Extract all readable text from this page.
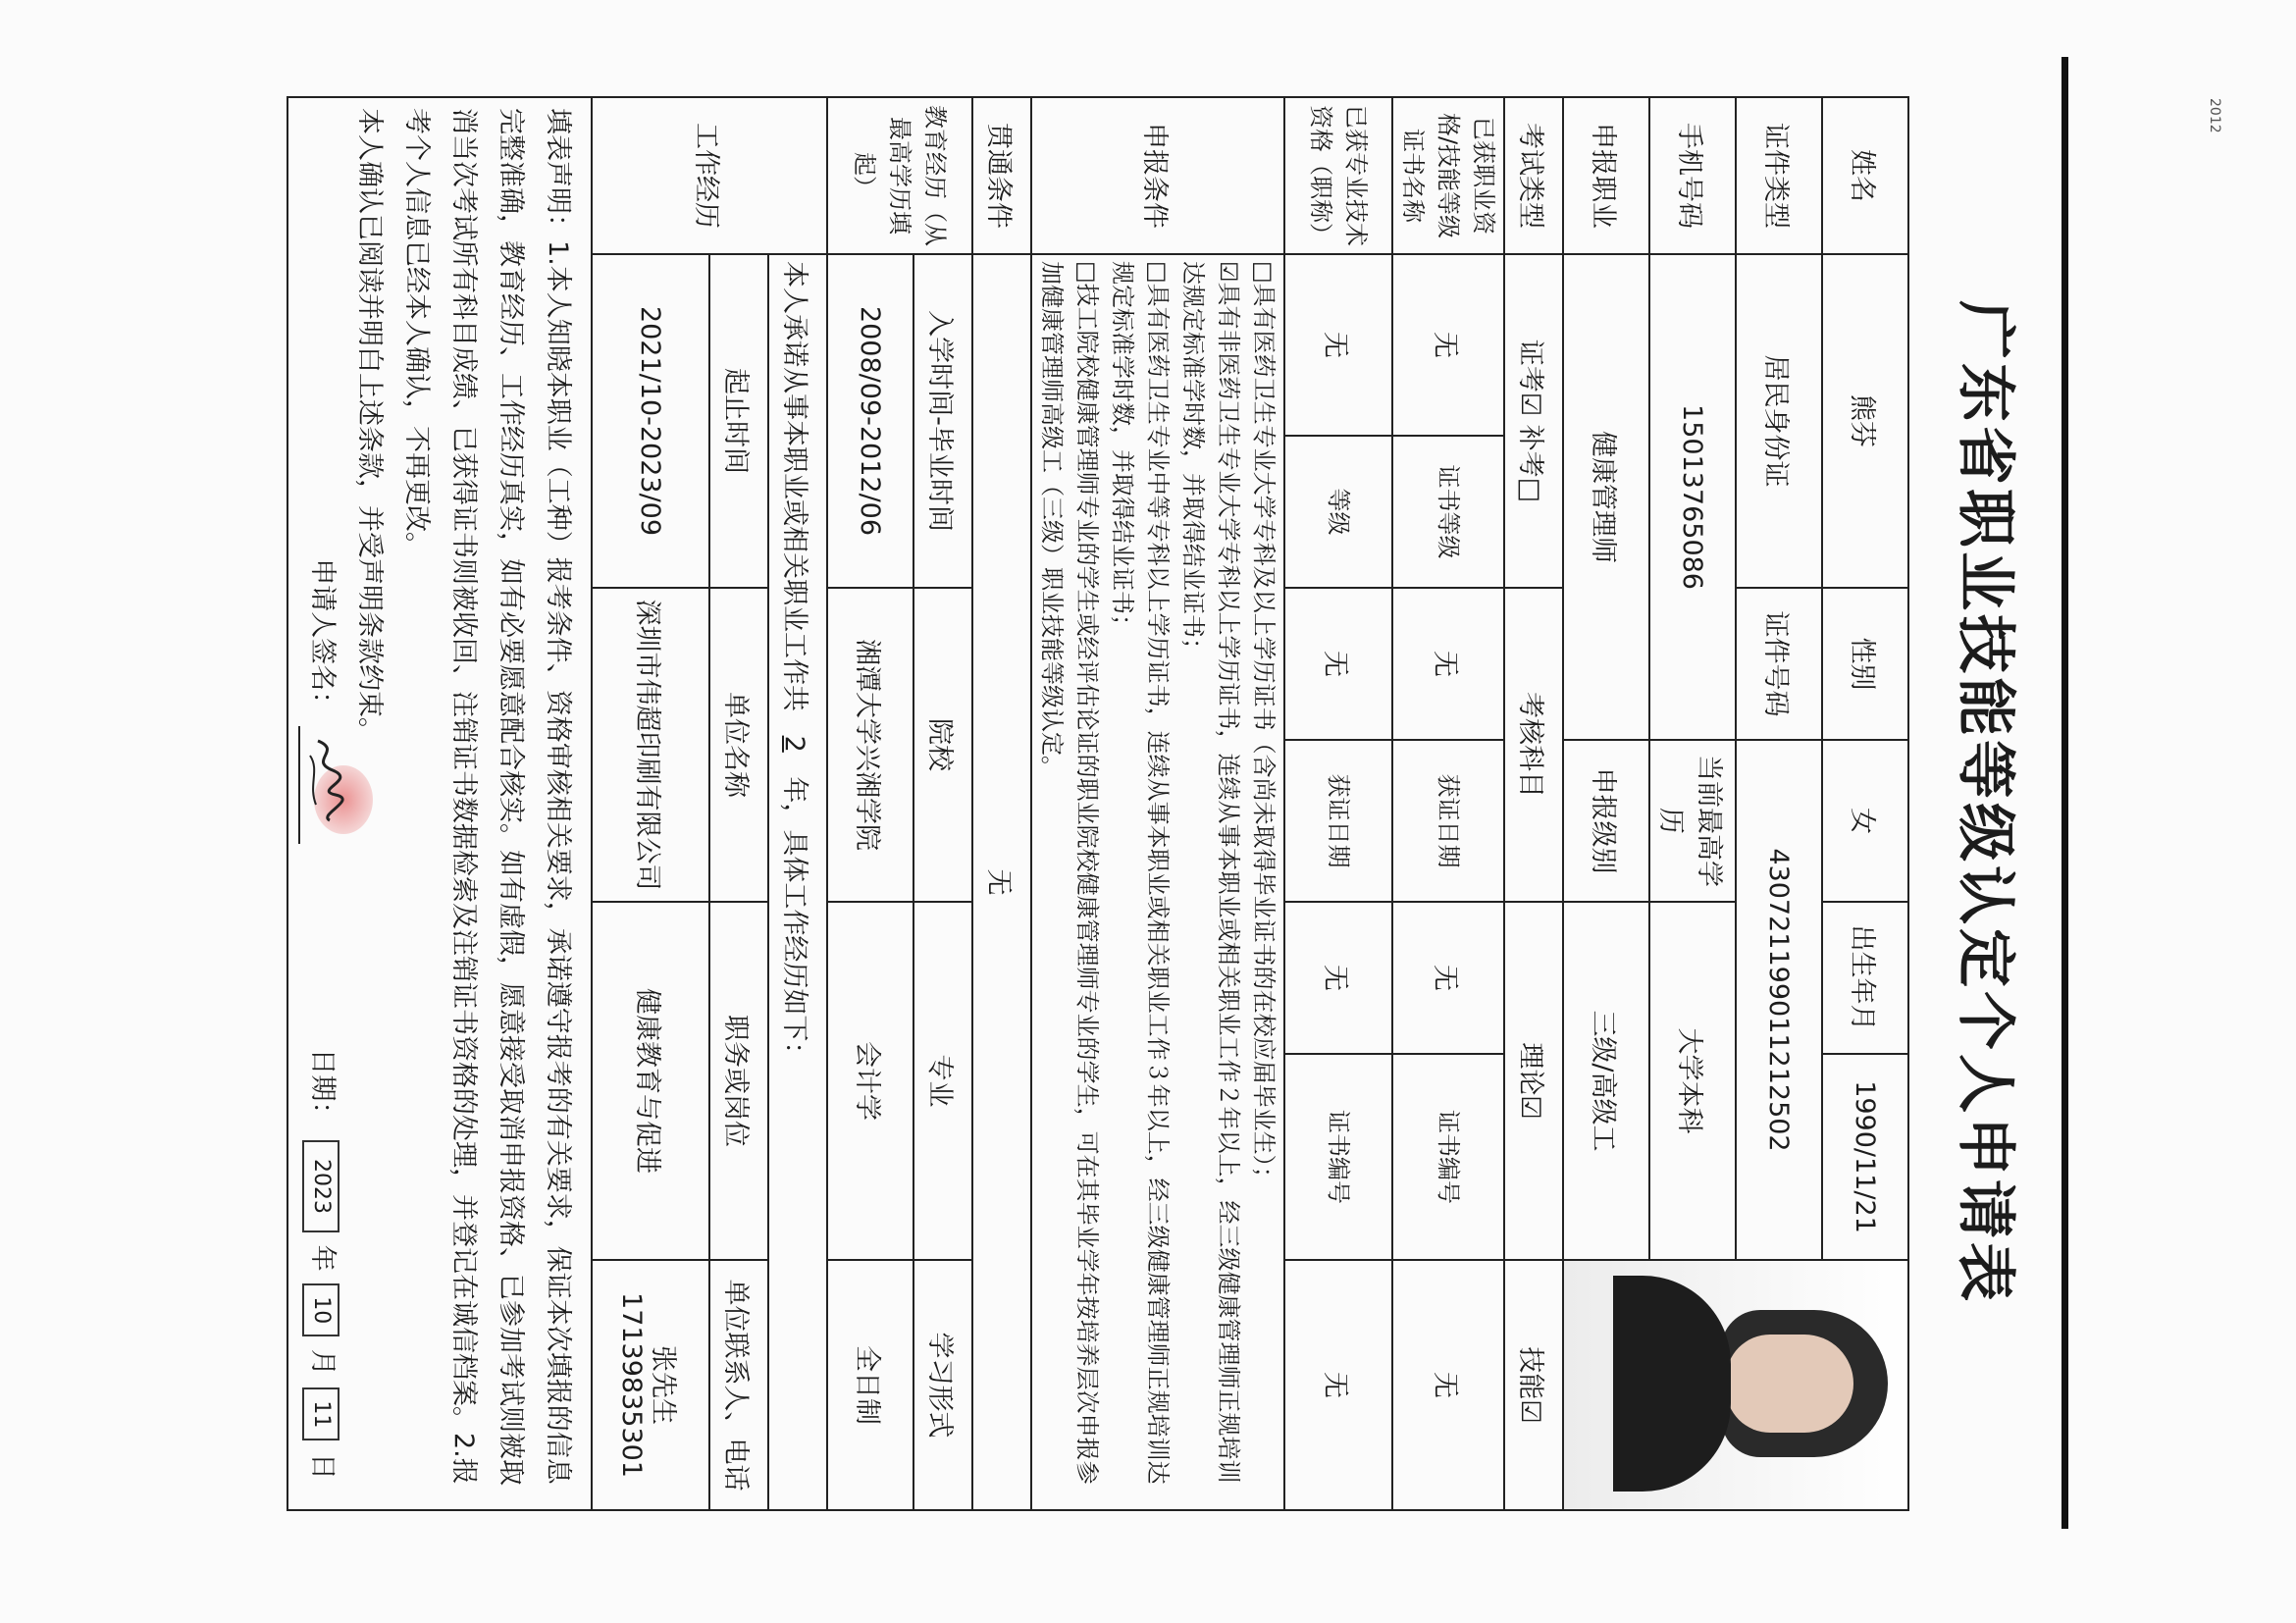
2012
广东省职业技能等级认定个人申请表
姓名	熊芬		性别	女	出生年月	1990/11/21	

证件类型	居民身份证		证件号码	430721199011212502			
手机号码	15013765086			当前最高学历	大学本科		
申报职业	健康管理师			申报级别	三级/高级工		
考试类型	证考☑ 补考□		考核科目		理论☑		技能☑
已获职业资格/技能等级证书名称	无	证书等级	无	获证日期	无	证书编号	无
已获专业技术资格（职称）	无	等级	无	获证日期	无	证书编号	无
申报条件	□具有医药卫生专业大学专科及以上学历证书（含尚未取得毕业证书的在校应届毕业生）；
☑具有非医药卫生专业大学专科以上学历证书，连续从事本职业或相关职业工作２年以上，经三级健康管理师正规培训达规定标准学时数，并取得结业证书；
□具有医药卫生专业中等专科以上学历证书，连续从事本职业或相关职业工作３年以上，经三级健康管理师正规培训达规定标准学时数，并取得结业证书；
□技工院校健康管理师专业的学生或经评估论证的职业院校健康管理师专业的学生，可在其毕业学年按培养层次申报参加健康管理师高级工（三级）职业技能等级认定。						

贯通条件	无						
教育经历（从最高学历填起）	入学时间-毕业时间		院校		专业		学习形式
	2008/09-2012/06		湘潭大学兴湘学院		会计学		全日制
工作经历	本人承诺从事本职业或相关职业工作共 2 年，具体工作经历如下：						
	起止时间		单位名称		职务或岗位		单位联系人、电话
	2021/10-2023/09		深圳市伟超印刷有限公司		健康教育与促进		张先生 17139835301

填表声明：1.本人知晓本职业（工种）报考条件、资格审核相关要求，承诺遵守报考的有关要求，保证本次填报的信息完整准确，教育经历、工作经历真实，如有必要愿意配合核实。如有虚假，愿意接受取消申报资格、已参加考试则被取消当次考试所有科目成绩、已获得证书则被收回、注销证书数据检索及注销证书资格的处理，并登记在诚信档案。2.报考个人信息已经本人确认，不再更改。
本人确认已阅读并明白上述条款，并受声明条款约束。
申请人签名：
日期： 2023 年 10 月 11 日							
